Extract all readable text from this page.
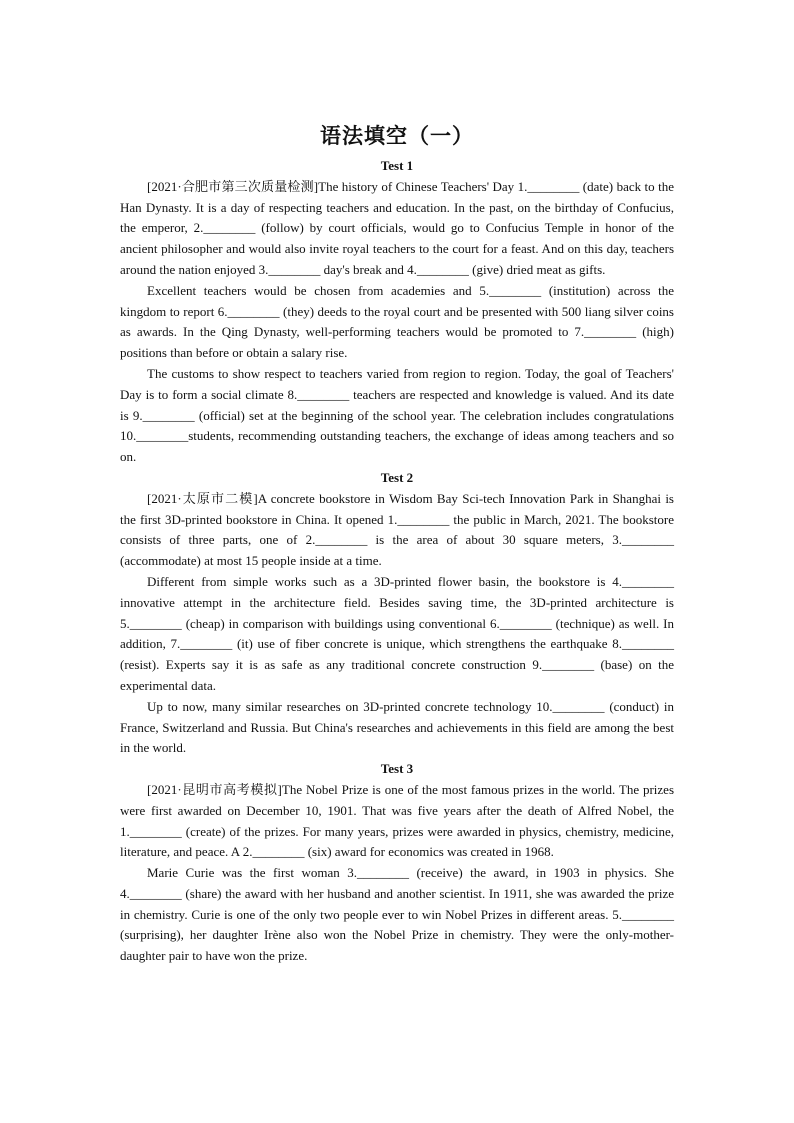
语法填空（一）
Test 1

[2021·合肥市第三次质量检测]The history of Chinese Teachers' Day 1.________ (date) back to the Han Dynasty. It is a day of respecting teachers and education. In the past, on the birthday of Confucius, the emperor, 2.________ (follow) by court officials, would go to Confucius Temple in honor of the ancient philosopher and would also invite royal teachers to the court for a feast. And on this day, teachers around the nation enjoyed 3.________ day's break and 4.________ (give) dried meat as gifts.

Excellent teachers would be chosen from academies and 5.________ (institution) across the kingdom to report 6.________ (they) deeds to the royal court and be presented with 500 liang silver coins as awards. In the Qing Dynasty, well-performing teachers would be promoted to 7.________ (high) positions than before or obtain a salary rise.

The customs to show respect to teachers varied from region to region. Today, the goal of Teachers' Day is to form a social climate 8.________ teachers are respected and knowledge is valued. And its date is 9.________ (official) set at the beginning of the school year. The celebration includes congratulations 10.________students, recommending outstanding teachers, the exchange of ideas among teachers and so on.

Test 2

[2021·太原市二模]A concrete bookstore in Wisdom Bay Sci-tech Innovation Park in Shanghai is the first 3D-printed bookstore in China. It opened 1.________ the public in March, 2021. The bookstore consists of three parts, one of 2.________ is the area of about 30 square meters, 3.________ (accommodate) at most 15 people inside at a time.

Different from simple works such as a 3D-printed flower basin, the bookstore is 4.________ innovative attempt in the architecture field. Besides saving time, the 3D-printed architecture is 5.________ (cheap) in comparison with buildings using conventional 6.________ (technique) as well. In addition, 7.________ (it) use of fiber concrete is unique, which strengthens the earthquake 8.________ (resist). Experts say it is as safe as any traditional concrete construction 9.________ (base) on the experimental data.

Up to now, many similar researches on 3D-printed concrete technology 10.________ (conduct) in France, Switzerland and Russia. But China's researches and achievements in this field are among the best in the world.

Test 3

[2021·昆明市高考模拟]The Nobel Prize is one of the most famous prizes in the world. The prizes were first awarded on December 10, 1901. That was five years after the death of Alfred Nobel, the 1.________ (create) of the prizes. For many years, prizes were awarded in physics, chemistry, medicine, literature, and peace. A 2.________ (six) award for economics was created in 1968.

Marie Curie was the first woman 3.________ (receive) the award, in 1903 in physics. She 4.________ (share) the award with her husband and another scientist. In 1911, she was awarded the prize in chemistry. Curie is one of the only two people ever to win Nobel Prizes in different areas. 5.________ (surprising), her daughter Irène also won the Nobel Prize in chemistry. They were the only-mother-daughter pair to have won the prize.
